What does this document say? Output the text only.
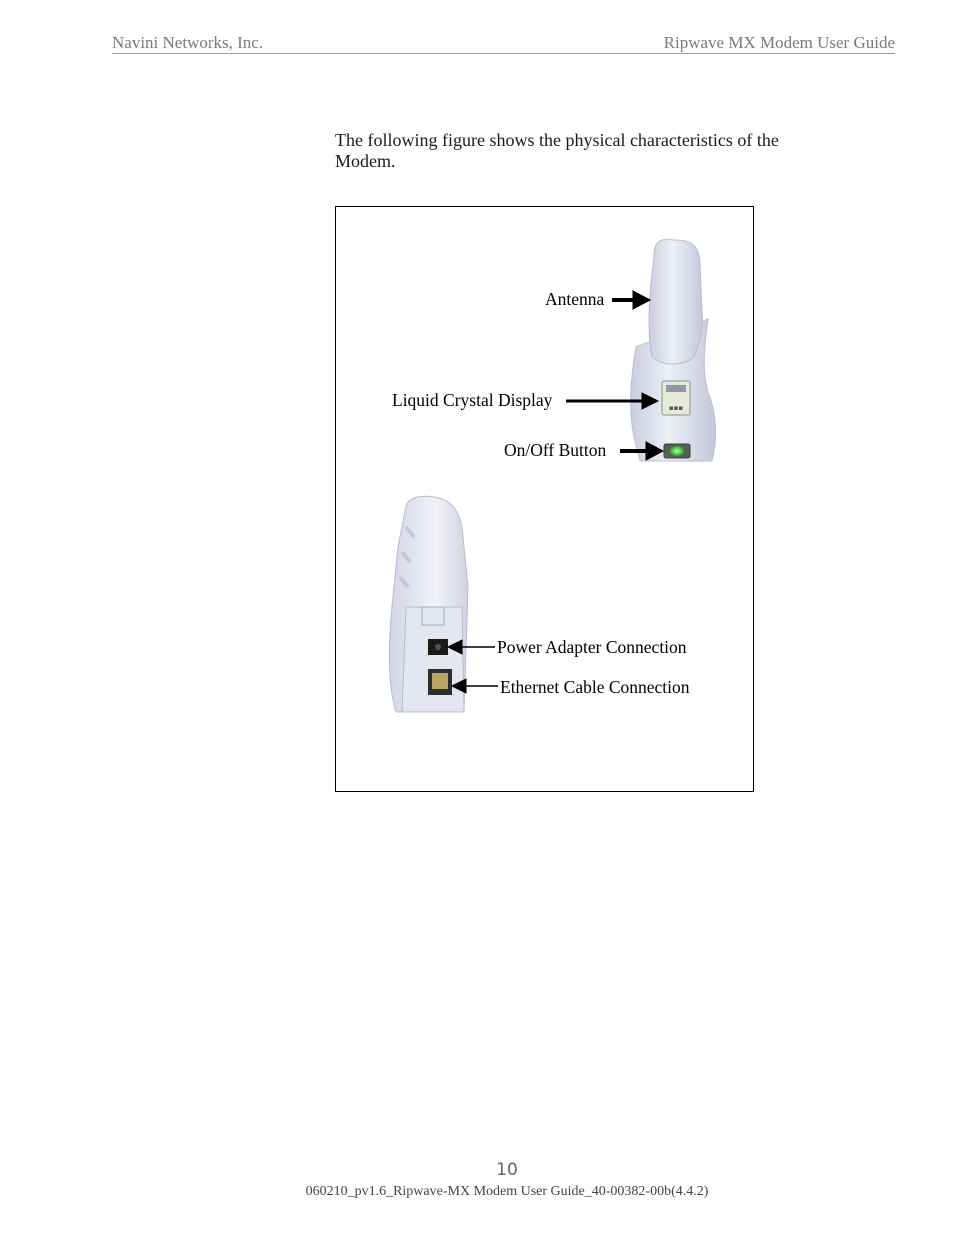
Navini Networks, Inc.	Ripwave MX Modem User Guide

The following figure shows the physical characteristics of the Modem.

▪▪▪
Antenna
Liquid Crystal Display
On/Off Button
Power Adapter Connection
Ethernet Cable Connection
10
060210_pv1.6_Ripwave-MX Modem User Guide_40-00382-00b(4.4.2)
